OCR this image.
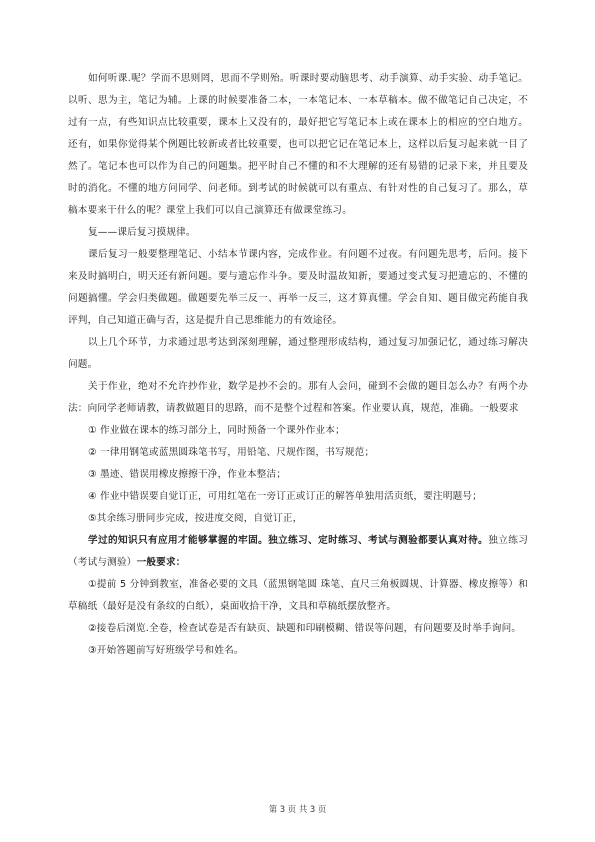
如何听课.呢？学而不思则罔，思而不学则殆。听课时要动脑思考、动手演算、动手实验、动手笔记。以听、思为主，笔记为辅。上课的时候要准备二本，一本笔记本、一本草稿本。做不做笔记自己决定，不过有一点，有些知识点比较重要，课本上又没有的，最好把它写笔记本上或在课本上的相应的空白地方。还有，如果你觉得某个例题比较新或者比较重要，也可以把它记在笔记本上，这样以后复习起来就一目了然了。笔记本也可以作为自己的问题集。把平时自己不懂的和不大理解的还有易错的记录下来，并且要及时的消化。不懂的地方问同学、问老师。到考试的时候就可以有重点、有针对性的自己复习了。那么，草稿本要来干什么的呢？课堂上我们可以自己演算还有做课堂练习。

复——课后复习摸规律。

课后复习一般要整理笔记、小结本节课内容，完成作业。有问题不过夜。有问题先思考，后问。接下来及时搞明白，明天还有新问题。要与遗忘作斗争。要及时温故知新，要通过变式复习把遗忘的、不懂的问题搞懂。学会归类做题。做题要先举三反一、再举一反三，这才算真懂。学会自知、题目做完药能自我评判，自己知道正确与否，这是提升自己思维能力的有效途径。

以上几个环节，力求通过思考达到深刻理解，通过整理形成结构，通过复习加强记忆，通过练习解决问题。

关于作业，绝对不允许抄作业，数学是抄不会的。那有人会问，碰到不会做的题目怎么办？有两个办法：向同学老师请教，请教做题目的思路，而不是整个过程和答案。作业要认真，规范，准确。一般要求

① 作业做在课本的练习部分上，同时预备一个课外作业本；

② 一律用钢笔或蓝黑圆珠笔书写，用铅笔、尺规作图，书写规范；

③ 墨迹、错误用橡皮擦擦干净，作业本整洁；

④ 作业中错误要自觉订正，可用红笔在一旁订正或订正的解答单独用活页纸，要注明题号；

⑤其余练习册同步完成，按进度交阅，自觉订正，

学过的知识只有应用才能够掌握的牢固。独立练习、定时练习、考试与测验都要认真对待。独立练习（考试与测验）一般要求：

①提前 5 分钟到教室，准备必要的文具（蓝黑钢笔圆 珠笔、直尺三角板圆规、计算器、橡皮擦等）和草稿纸（最好是没有条纹的白纸），桌面收拾干净，文具和草稿纸摆放整齐。

②接卷后浏览.全卷，检查试卷是否有缺页、缺题和印刷模糊、错误等问题，有问题要及时举手询问。

③开始答题前写好班级学号和姓名。

第 3 页 共 3 页
